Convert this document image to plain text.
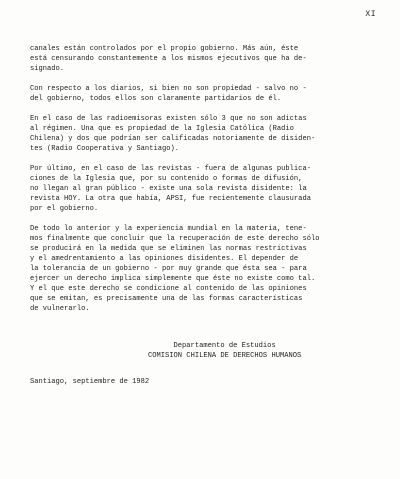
XI

canales están controlados por el propio gobierno. Más aún, éste
está censurando constantemente a los mismos ejecutivos que ha de-
signado.

Con respecto a los diarios, si bien no son propiedad - salvo no -
del gobierno, todos ellos son claramente partidarios de él.

En el caso de las radioemisoras existen sólo 3 que no son adictas
al régimen. Una que es propiedad de la Iglesia Católica (Radio
Chilena) y dos que podrían ser calificadas notoriamente de disiden-
tes (Radio Cooperativa y Santiago).

Por último, en el caso de las revistas - fuera de algunas publica-
ciones de la Iglesia que, por su contenido o formas de difusión,
no llegan al gran público - existe una sola revista disidente: la
revista HOY. La otra que había, APSI, fue recientemente clausurada
por el gobierno.

De todo lo anterior y la experiencia mundial en la materia, tene-
mos finalmente que concluir que la recuperación de este derecho sólo
se producirá en la medida que se eliminen las normas restrictivas
y el amedrentamiento a las opiniones disidentes. El depender de
la tolerancia de un gobierno - por muy grande que ésta sea - para
ejercer un derecho implica simplemente que éste no existe como tal.
Y el que este derecho se condicione al contenido de las opiniones
que se emitan, es precisamente una de las formas características
de vulnerarlo.

Departamento de Estudios
COMISION CHILENA DE DERECHOS HUMANOS
Santiago, septiembre de 1982
